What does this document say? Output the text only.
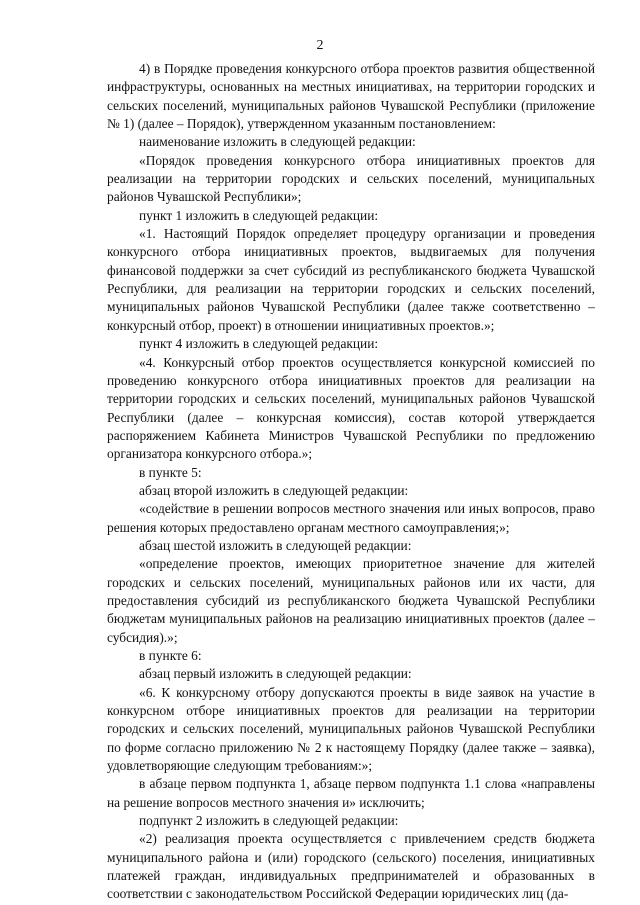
2

4) в Порядке проведения конкурсного отбора проектов развития общественной инфраструктуры, основанных на местных инициативах, на территории городских и сельских поселений, муниципальных районов Чувашской Республики (приложение № 1) (далее – Порядок), утвержденном указанным постановлением:

наименование изложить в следующей редакции:

«Порядок проведения конкурсного отбора инициативных проектов для реализации на территории городских и сельских поселений, муниципальных районов Чувашской Республики»;

пункт 1 изложить в следующей редакции:

«1. Настоящий Порядок определяет процедуру организации и проведения конкурсного отбора инициативных проектов, выдвигаемых для получения финансовой поддержки за счет субсидий из республиканского бюджета Чувашской Республики, для реализации на территории городских и сельских поселений, муниципальных районов Чувашской Республики (далее также соответственно – конкурсный отбор, проект) в отношении инициативных проектов.»;

пункт 4 изложить в следующей редакции:

«4. Конкурсный отбор проектов осуществляется конкурсной комиссией по проведению конкурсного отбора инициативных проектов для реализации на территории городских и сельских поселений, муниципальных районов Чувашской Республики (далее – конкурсная комиссия), состав которой утверждается распоряжением Кабинета Министров Чувашской Республики по предложению организатора конкурсного отбора.»;

в пункте 5:

абзац второй изложить в следующей редакции:

«содействие в решении вопросов местного значения или иных вопросов, право решения которых предоставлено органам местного самоуправления;»;

абзац шестой изложить в следующей редакции:

«определение проектов, имеющих приоритетное значение для жителей городских и сельских поселений, муниципальных районов или их части, для предоставления субсидий из республиканского бюджета Чувашской Республики бюджетам муниципальных районов на реализацию инициативных проектов (далее – субсидия).»;

в пункте 6:

абзац первый изложить в следующей редакции:

«6. К конкурсному отбору допускаются проекты в виде заявок на участие в конкурсном отборе инициативных проектов для реализации на территории городских и сельских поселений, муниципальных районов Чувашской Республики по форме согласно приложению № 2 к настоящему Порядку (далее также – заявка), удовлетворяющие следующим требованиям:»;

в абзаце первом подпункта 1, абзаце первом подпункта 1.1 слова «направлены на решение вопросов местного значения и» исключить;

подпункт 2 изложить в следующей редакции:

«2) реализация проекта осуществляется с привлечением средств бюджета муниципального района и (или) городского (сельского) поселения, инициативных платежей граждан, индивидуальных предпринимателей и образованных в соответствии с законодательством Российской Федерации юридических лиц (да-
